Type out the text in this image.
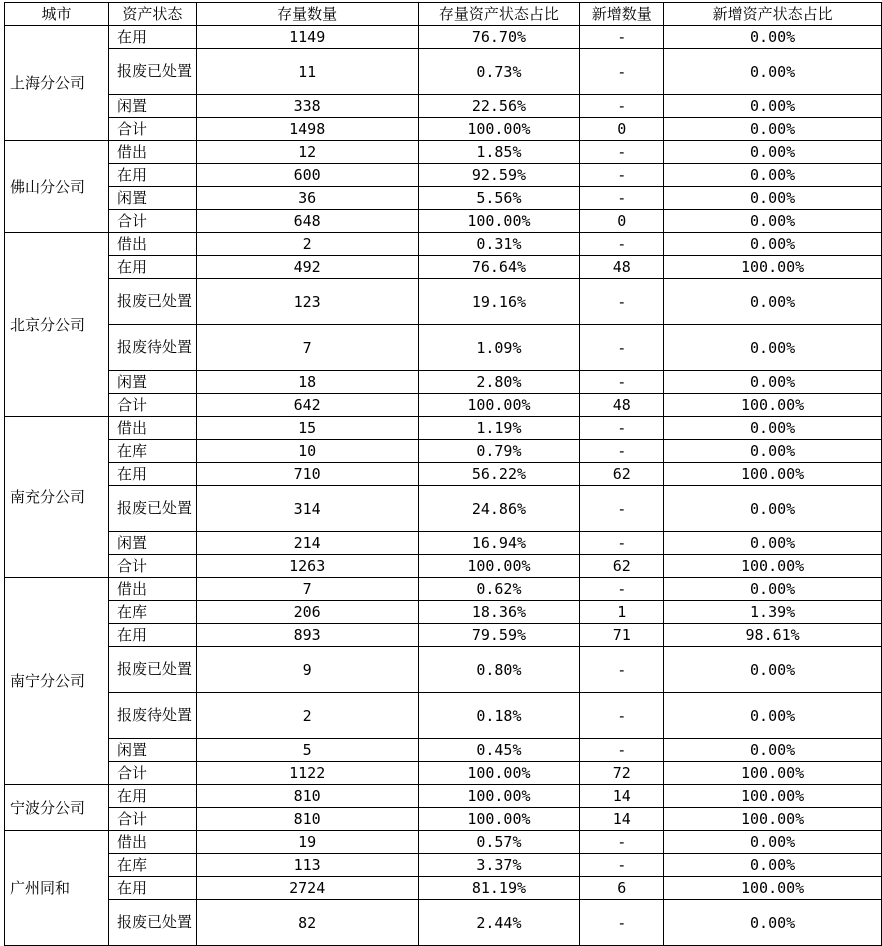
城市	资产状态	存量数量	存量资产状态占比	新增数量	新增资产状态占比
上海分公司	在用	1149	76.70%	-	0.00%
	报废已处置	11	0.73%	-	0.00%
	闲置	338	22.56%	-	0.00%
	合计	1498	100.00%	0	0.00%
佛山分公司	借出	12	1.85%	-	0.00%
	在用	600	92.59%	-	0.00%
	闲置	36	5.56%	-	0.00%
	合计	648	100.00%	0	0.00%
北京分公司	借出	2	0.31%	-	0.00%
	在用	492	76.64%	48	100.00%
	报废已处置	123	19.16%	-	0.00%
	报废待处置	7	1.09%	-	0.00%
	闲置	18	2.80%	-	0.00%
	合计	642	100.00%	48	100.00%
南充分公司	借出	15	1.19%	-	0.00%
	在库	10	0.79%	-	0.00%
	在用	710	56.22%	62	100.00%
	报废已处置	314	24.86%	-	0.00%
	闲置	214	16.94%	-	0.00%
	合计	1263	100.00%	62	100.00%
南宁分公司	借出	7	0.62%	-	0.00%
	在库	206	18.36%	1	1.39%
	在用	893	79.59%	71	98.61%
	报废已处置	9	0.80%	-	0.00%
	报废待处置	2	0.18%	-	0.00%
	闲置	5	0.45%	-	0.00%
	合计	1122	100.00%	72	100.00%
宁波分公司	在用	810	100.00%	14	100.00%
	合计	810	100.00%	14	100.00%
广州同和	借出	19	0.57%	-	0.00%
	在库	113	3.37%	-	0.00%
	在用	2724	81.19%	6	100.00%
	报废已处置	82	2.44%	-	0.00%
